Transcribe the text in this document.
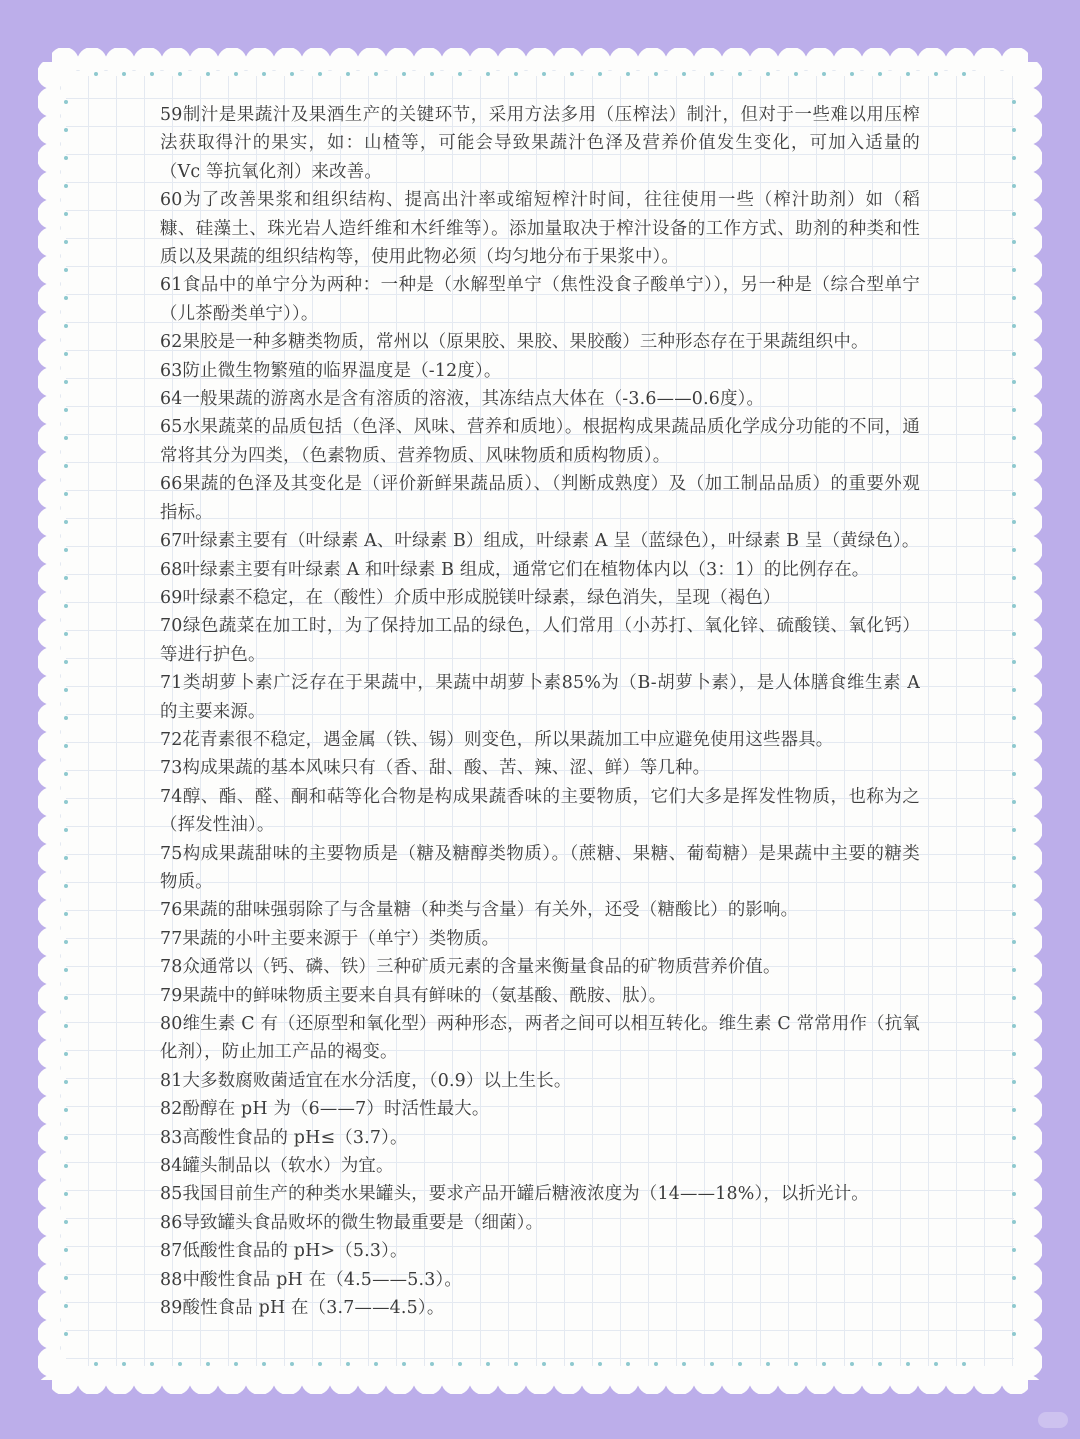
59制汁是果蔬汁及果酒生产的关键环节，采用方法多用（压榨法）制汁，但对于一些难以用压榨法获取得汁的果实，如：山楂等，可能会导致果蔬汁色泽及营养价值发生变化，可加入适量的（Vc 等抗氧化剂）来改善。

60为了改善果浆和组织结构、提高出汁率或缩短榨汁时间，往往使用一些（榨汁助剂）如（稻糠、硅藻土、珠光岩人造纤维和木纤维等）。添加量取决于榨汁设备的工作方式、助剂的种类和性质以及果蔬的组织结构等，使用此物必须（均匀地分布于果浆中）。

61食品中的单宁分为两种：一种是（水解型单宁（焦性没食子酸单宁）），另一种是（综合型单宁（儿茶酚类单宁））。

62果胶是一种多糖类物质，常州以（原果胶、果胶、果胶酸）三种形态存在于果蔬组织中。

63防止微生物繁殖的临界温度是（-12度）。

64一般果蔬的游离水是含有溶质的溶液，其冻结点大体在（-3.6——0.6度）。

65水果蔬菜的品质包括（色泽、风味、营养和质地）。根据构成果蔬品质化学成分功能的不同，通常将其分为四类，（色素物质、营养物质、风味物质和质构物质）。

66果蔬的色泽及其变化是（评价新鲜果蔬品质）、（判断成熟度）及（加工制品品质）的重要外观指标。

67叶绿素主要有（叶绿素 A、叶绿素 B）组成，叶绿素 A 呈（蓝绿色），叶绿素 B 呈（黄绿色）。

68叶绿素主要有叶绿素 A 和叶绿素 B 组成，通常它们在植物体内以（3：1）的比例存在。

69叶绿素不稳定，在（酸性）介质中形成脱镁叶绿素，绿色消失，呈现（褐色）

70绿色蔬菜在加工时，为了保持加工品的绿色，人们常用（小苏打、氧化锌、硫酸镁、氧化钙）等进行护色。

71类胡萝卜素广泛存在于果蔬中，果蔬中胡萝卜素85%为（B-胡萝卜素），是人体膳食维生素 A 的主要来源。

72花青素很不稳定，遇金属（铁、锡）则变色，所以果蔬加工中应避免使用这些器具。

73构成果蔬的基本风味只有（香、甜、酸、苦、辣、涩、鲜）等几种。

74醇、酯、醛、酮和萜等化合物是构成果蔬香味的主要物质，它们大多是挥发性物质，也称为之（挥发性油）。

75构成果蔬甜味的主要物质是（糖及糖醇类物质）。（蔗糖、果糖、葡萄糖）是果蔬中主要的糖类物质。

76果蔬的甜味强弱除了与含量糖（种类与含量）有关外，还受（糖酸比）的影响。

77果蔬的小叶主要来源于（单宁）类物质。

78众通常以（钙、磷、铁）三种矿质元素的含量来衡量食品的矿物质营养价值。

79果蔬中的鲜味物质主要来自具有鲜味的（氨基酸、酰胺、肽）。

80维生素 C 有（还原型和氧化型）两种形态，两者之间可以相互转化。维生素 C 常常用作（抗氧化剂），防止加工产品的褐变。

81大多数腐败菌适宜在水分活度，（0.9）以上生长。

82酚醇在 pH 为（6——7）时活性最大。

83高酸性食品的 pH≤（3.7）。

84罐头制品以（软水）为宜。

85我国目前生产的种类水果罐头，要求产品开罐后糖液浓度为（14——18%），以折光计。

86导致罐头食品败坏的微生物最重要是（细菌）。

87低酸性食品的 pH>（5.3）。

88中酸性食品 pH 在（4.5——5.3）。

89酸性食品 pH 在（3.7——4.5）。
